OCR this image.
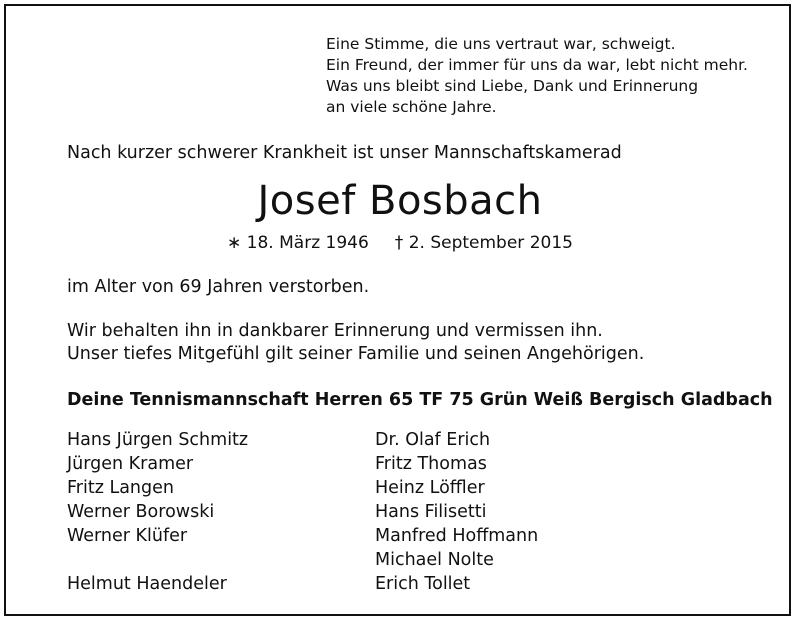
Eine Stimme, die uns vertraut war, schweigt.
Ein Freund, der immer für uns da war, lebt nicht mehr.
Was uns bleibt sind Liebe, Dank und Erinnerung
an viele schöne Jahre.
Nach kurzer schwerer Krankheit ist unser Mannschaftskamerad
Josef Bosbach
∗ 18. März 1946 † 2. September 2015
im Alter von 69 Jahren verstorben.
Wir behalten ihn in dankbarer Erinnerung und vermissen ihn.
Unser tiefes Mitgefühl gilt seiner Familie und seinen Angehörigen.
Deine Tennismannschaft Herren 65 TF 75 Grün Weiß Bergisch Gladbach
Hans Jürgen Schmitz
Jürgen Kramer
Fritz Langen
Werner Borowski
Werner Klüfer
Helmut Haendeler
Dr. Olaf Erich
Fritz Thomas
Heinz Löffler
Hans Filisetti
Manfred Hoffmann
Michael Nolte
Erich Tollet
